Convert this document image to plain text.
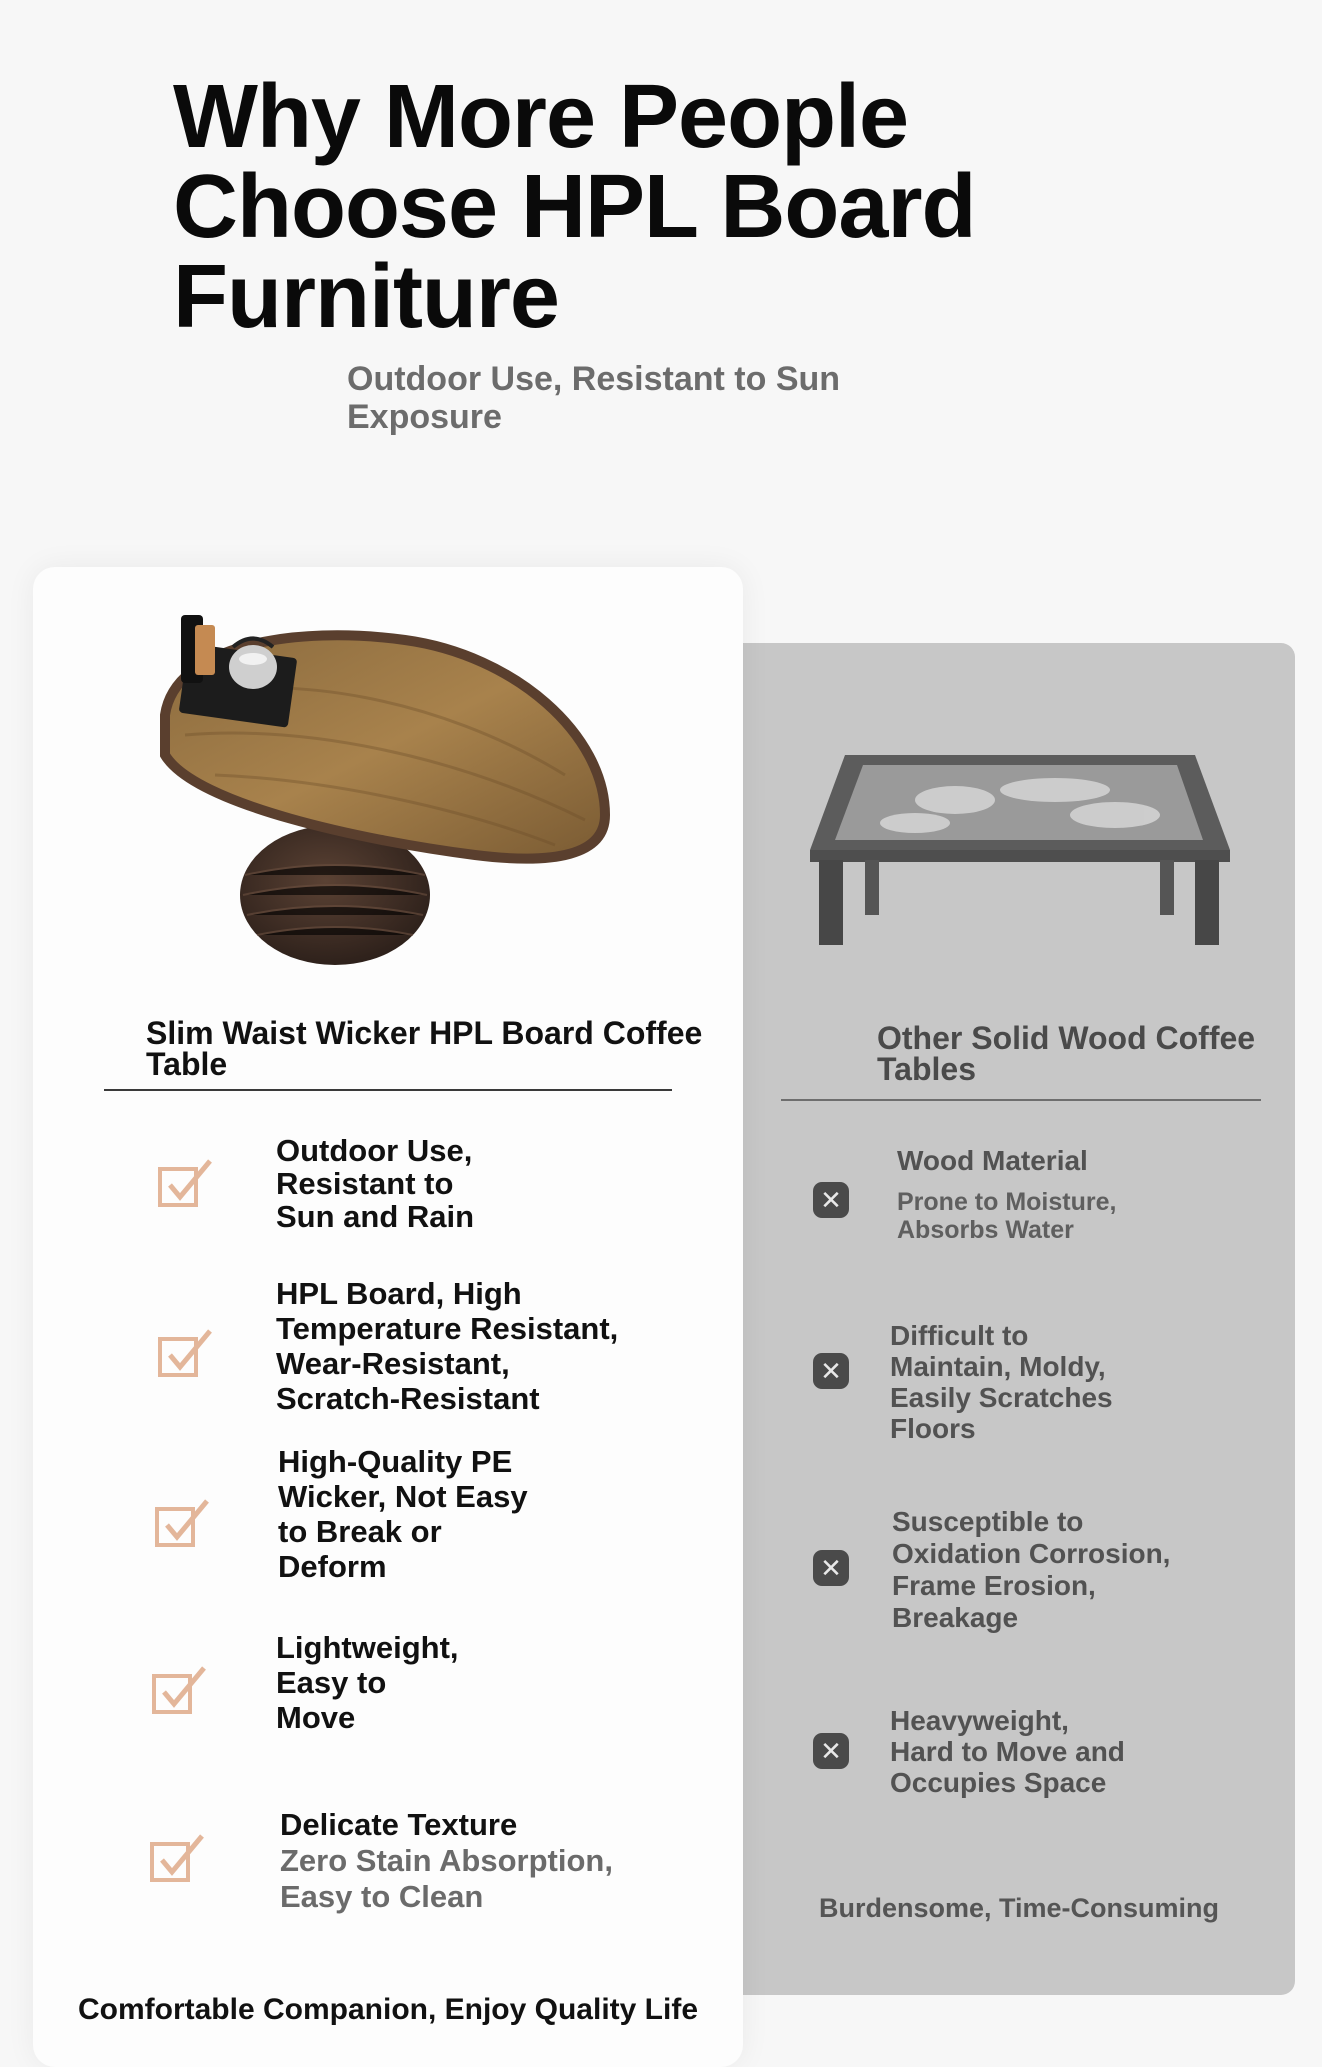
Why More People
Choose HPL Board
Furniture
Outdoor Use, Resistant to Sun Exposure
Slim Waist Wicker HPL Board Coffee Table
Other Solid Wood Coffee Tables
Outdoor Use,
Resistant to
Sun and Rain
HPL Board, High
Temperature Resistant,
Wear-Resistant,
Scratch-Resistant
High-Quality PE
Wicker, Not Easy
to Break or
Deform
Lightweight,
Easy to
Move
Delicate Texture
Zero Stain Absorption,
Easy to Clean
✕
Wood Material
Prone to Moisture,
Absorbs Water
✕
Difficult to
Maintain, Moldy,
Easily Scratches
Floors
✕
Susceptible to
Oxidation Corrosion,
Frame Erosion,
Breakage
✕
Heavyweight,
Hard to Move and
Occupies Space
Burdensome, Time-Consuming
Comfortable Companion, Enjoy Quality Life
